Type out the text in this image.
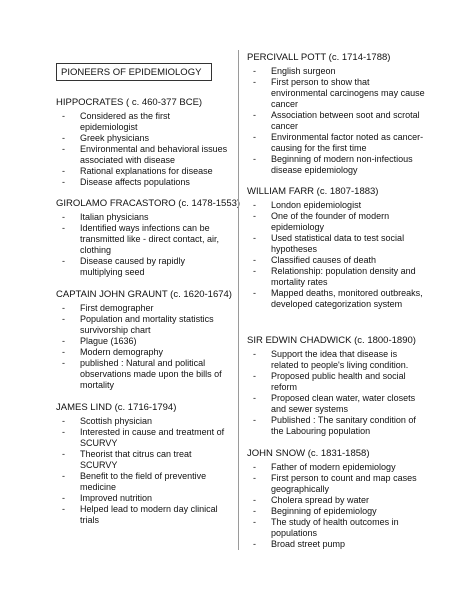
PIONEERS OF EPIDEMIOLOGY
HIPPOCRATES ( c. 460-377 BCE)
- Considered as the first epidemiologist
- Greek physicians
- Environmental and behavioral issues associated with disease
- Rational explanations for disease
- Disease affects populations
GIROLAMO FRACASTORO (c. 1478-1553)
- Italian physicians
- Identified ways infections can be transmitted like - direct contact, air, clothing
- Disease caused by rapidly multiplying seed
CAPTAIN JOHN GRAUNT (c. 1620-1674)
- First demographer
- Population and mortality statistics survivorship chart
- Plague (1636)
- Modern demography
- published : Natural and political observations made upon the bills of mortality
JAMES LIND (c. 1716-1794)
- Scottish physician
- Interested in cause and treatment of SCURVY
- Theorist that citrus can treat SCURVY
- Benefit to the field of preventive medicine
- Improved nutrition
- Helped lead to modern day clinical trials
PERCIVALL POTT (c. 1714-1788)
- English surgeon
- First person to show that environmental carcinogens may cause cancer
- Association between soot and scrotal cancer
- Environmental factor noted as cancer-causing for the first time
- Beginning of modern non-infectious disease epidemiology
WILLIAM FARR (c. 1807-1883)
- London epidemiologist
- One of the founder of modern epidemiology
- Used statistical data to test social hypotheses
- Classified causes of death
- Relationship: population density and mortality rates
- Mapped deaths, monitored outbreaks, developed categorization system
SIR EDWIN CHADWICK (c. 1800-1890)
- Support the idea that disease is related to people's living condition.
- Proposed public health and social reform
- Proposed clean water, water closets and sewer systems
- Published : The sanitary condition of the Labouring population
JOHN SNOW (c. 1831-1858)
- Father of modern epidemiology
- First person to count and map cases geographically
- Cholera spread by water
- Beginning of epidemiology
- The study of health outcomes in populations
- Broad street pump
